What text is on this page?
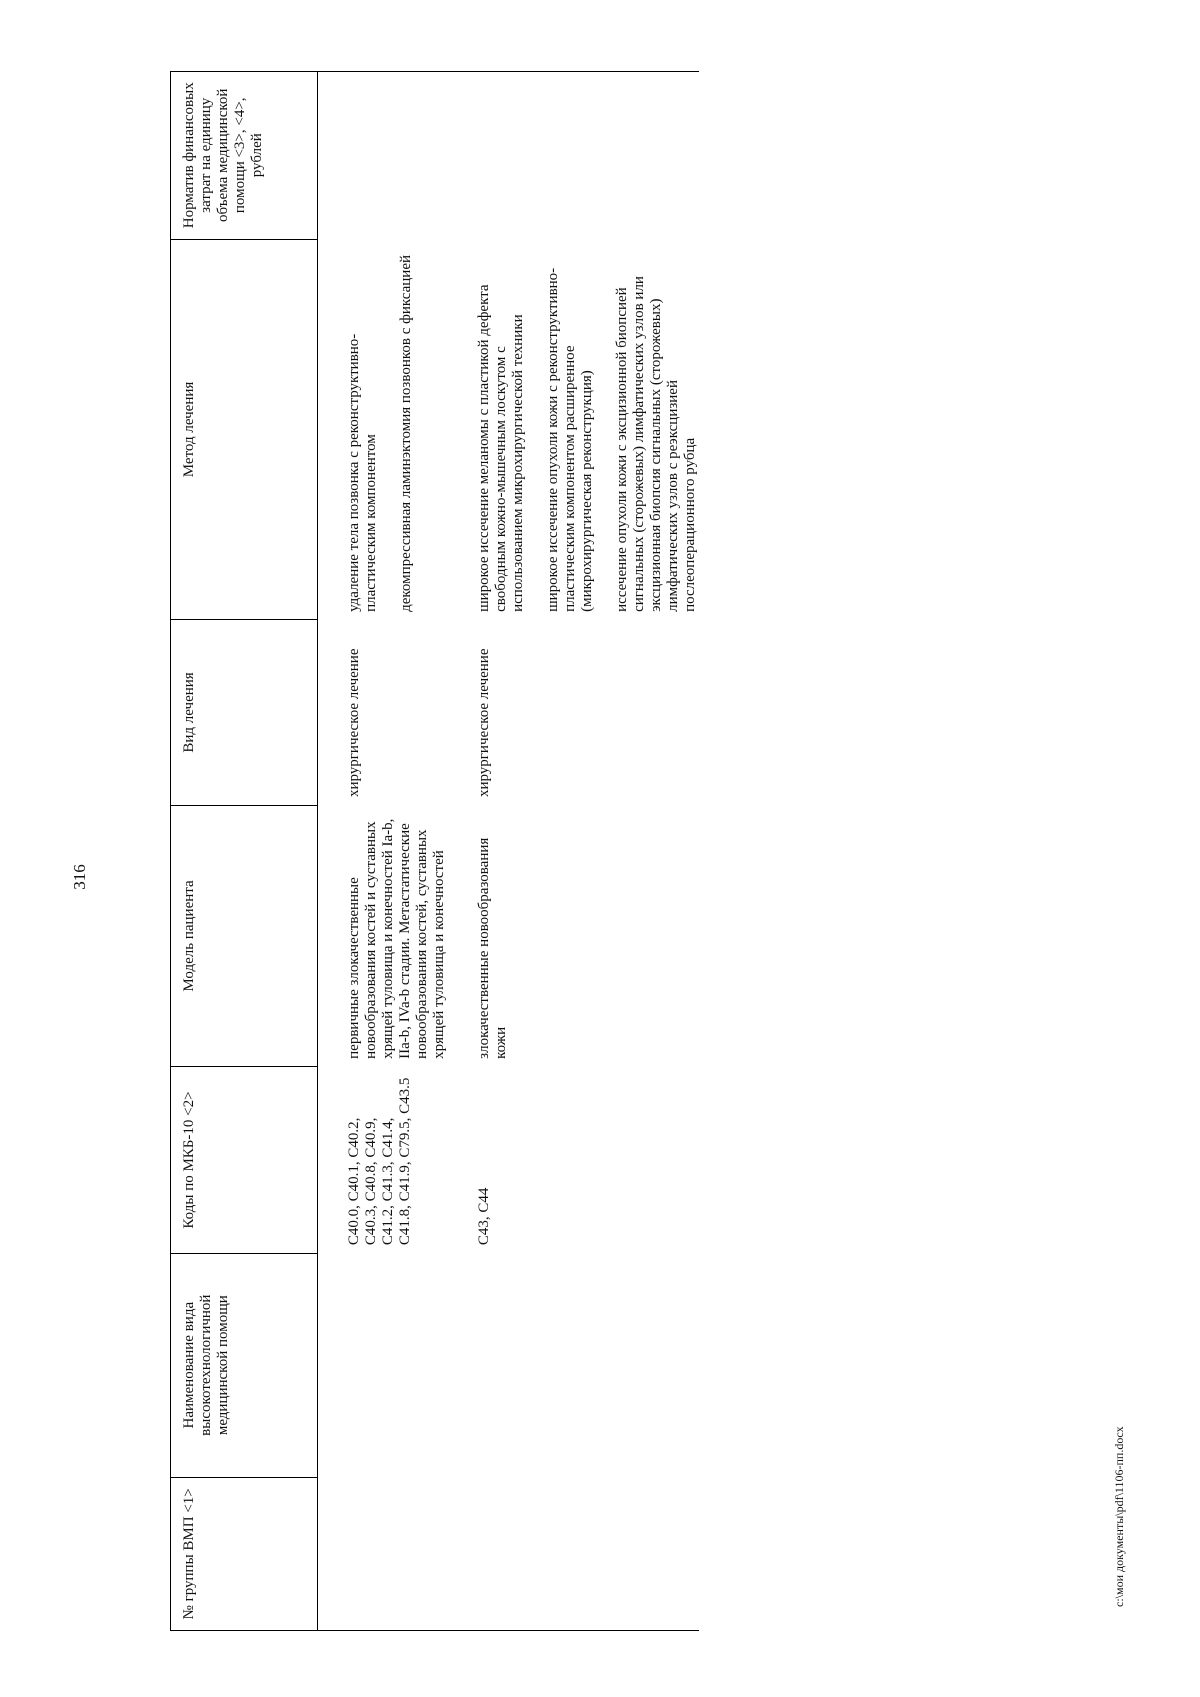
316
№ группы ВМП <1>	Наименование вида высокотехнологичной медицинской помощи	Коды по МКБ-10 <2>	Модель пациента	Вид лечения	Метод лечения	Норматив финансовых затрат на единицу объема медицинской помощи <3>, <4>, рублей
		C40.0, C40.1, C40.2, C40.3, C40.8, C40.9, C41.2, C41.3, C41.4, C41.8, C41.9, C79.5, C43.5	первичные злокачественные новообразования костей и суставных хрящей туловища и конечностей Ia-b, IIa-b, IVa-b стадии. Метастатические новообразования костей, суставных хрящей туловища и конечностей	хирургическое лечение	удаление тела позвонка с реконструктивно-пластическим компонентом декомпрессивная ламинэктомия позвонков с фиксацией	

		C43, C44	злокачественные новообразования кожи	хирургическое лечение	широкое иссечение меланомы с пластикой дефекта свободным кожно-мышечным лоскутом с использованием микрохирургической техники широкое иссечение опухоли кожи с реконструктивно-пластическим компонентом расширенное (микрохирургическая реконструкция) иссечение опухоли кожи с эксцизионной биопсией сигнальных (сторожевых) лимфатических узлов или эксцизионная биопсия сигнальных (сторожевых) лимфатических узлов с реэксцизией послеоперационного рубца	

c:\мои документы\pdf\1106-пп.docx
